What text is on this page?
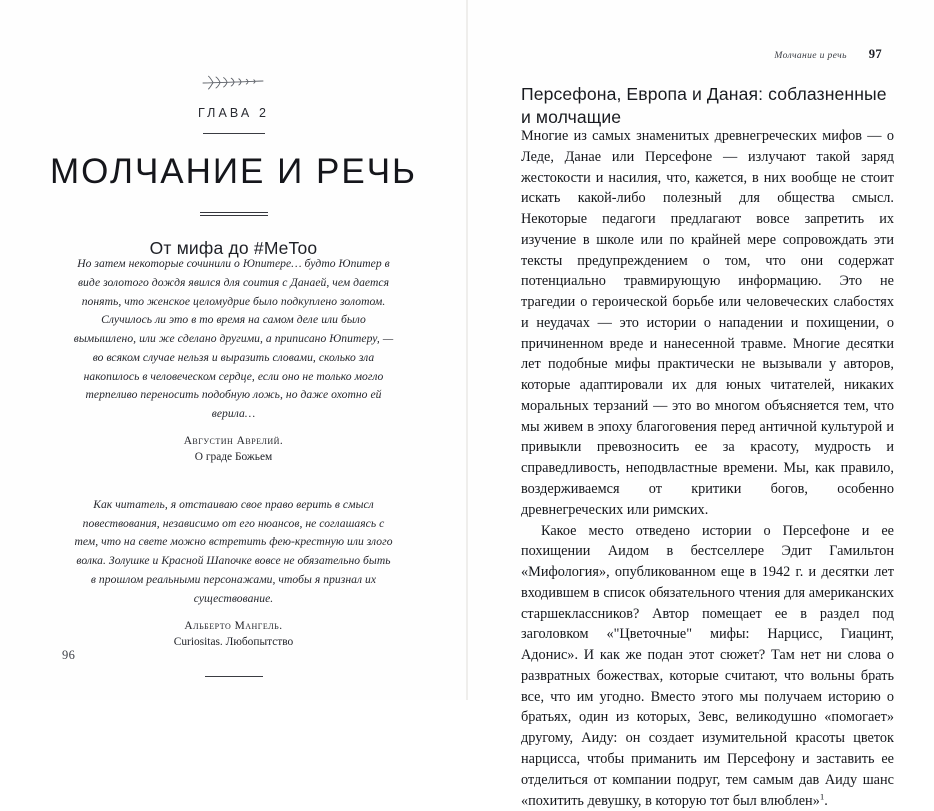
ГЛАВА 2
МОЛЧАНИЕ И РЕЧЬ
От мифа до #MeToo
Но затем некоторые сочинили о Юпитере… будто Юпитер в виде золотого дождя явился для соития с Данаей, чем дается понять, что женское целомудрие было подкуплено золотом. Случилось ли это в то время на самом деле или было вымышлено, или же сделано другими, а приписано Юпитеру, — во всяком случае нельзя и выразить словами, сколько зла накопилось в человеческом сердце, если оно не только могло терпеливо переносить подобную ложь, но даже охотно ей верила…
Августин Аврелий.
О граде Божьем
Как читатель, я отстаиваю свое право верить в смысл повествования, независимо от его нюансов, не соглашаясь с тем, что на свете можно встретить фею-крестную или злого волка. Золушке и Красной Шапочке вовсе не обязательно быть в прошлом реальными персонажами, чтобы я признал их существование.
Альберто Мангель.
Curiositas. Любопытство
96
Молчание и речь 97
Персефона, Европа и Даная: соблазненные и молчащие

Многие из самых знаменитых древнегреческих мифов — о Леде, Данае или Персефоне — излучают такой заряд жестокости и насилия, что, кажется, в них вообще не стоит искать какой-либо полезный для общества смысл. Некоторые педагоги предлагают вовсе запретить их изучение в школе или по крайней мере сопровождать эти тексты предупреждением о том, что они содержат потенциально травмирующую информацию. Это не трагедии о героической борьбе или человеческих слабостях и неудачах — это истории о нападении и похищении, о причиненном вреде и нанесенной травме. Многие десятки лет подобные мифы практически не вызывали у авторов, которые адаптировали их для юных читателей, никаких моральных терзаний — это во многом объясняется тем, что мы живем в эпоху благоговения перед античной культурой и привыкли превозносить ее за красоту, мудрость и справедливость, неподвластные времени. Мы, как правило, воздерживаемся от критики богов, особенно древнегреческих или римских.

Какое место отведено истории о Персефоне и ее похищении Аидом в бестселлере Эдит Гамильтон «Мифология», опубликованном еще в 1942 г. и десятки лет входившем в список обязательного чтения для американских старшеклассников? Автор помещает ее в раздел под заголовком «"Цветочные" мифы: Нарцисс, Гиацинт, Адонис». И как же подан этот сюжет? Там нет ни слова о развратных божествах, которые считают, что вольны брать все, что им угодно. Вместо этого мы получаем историю о братьях, один из которых, Зевс, великодушно «помогает» другому, Аиду: он создает изумительной красоты цветок нарцисса, чтобы приманить им Персефону и заставить ее отделиться от компании подруг, тем самым дав Аиду шанс «похитить девушку, в которую тот был влюблен»$^1$.
